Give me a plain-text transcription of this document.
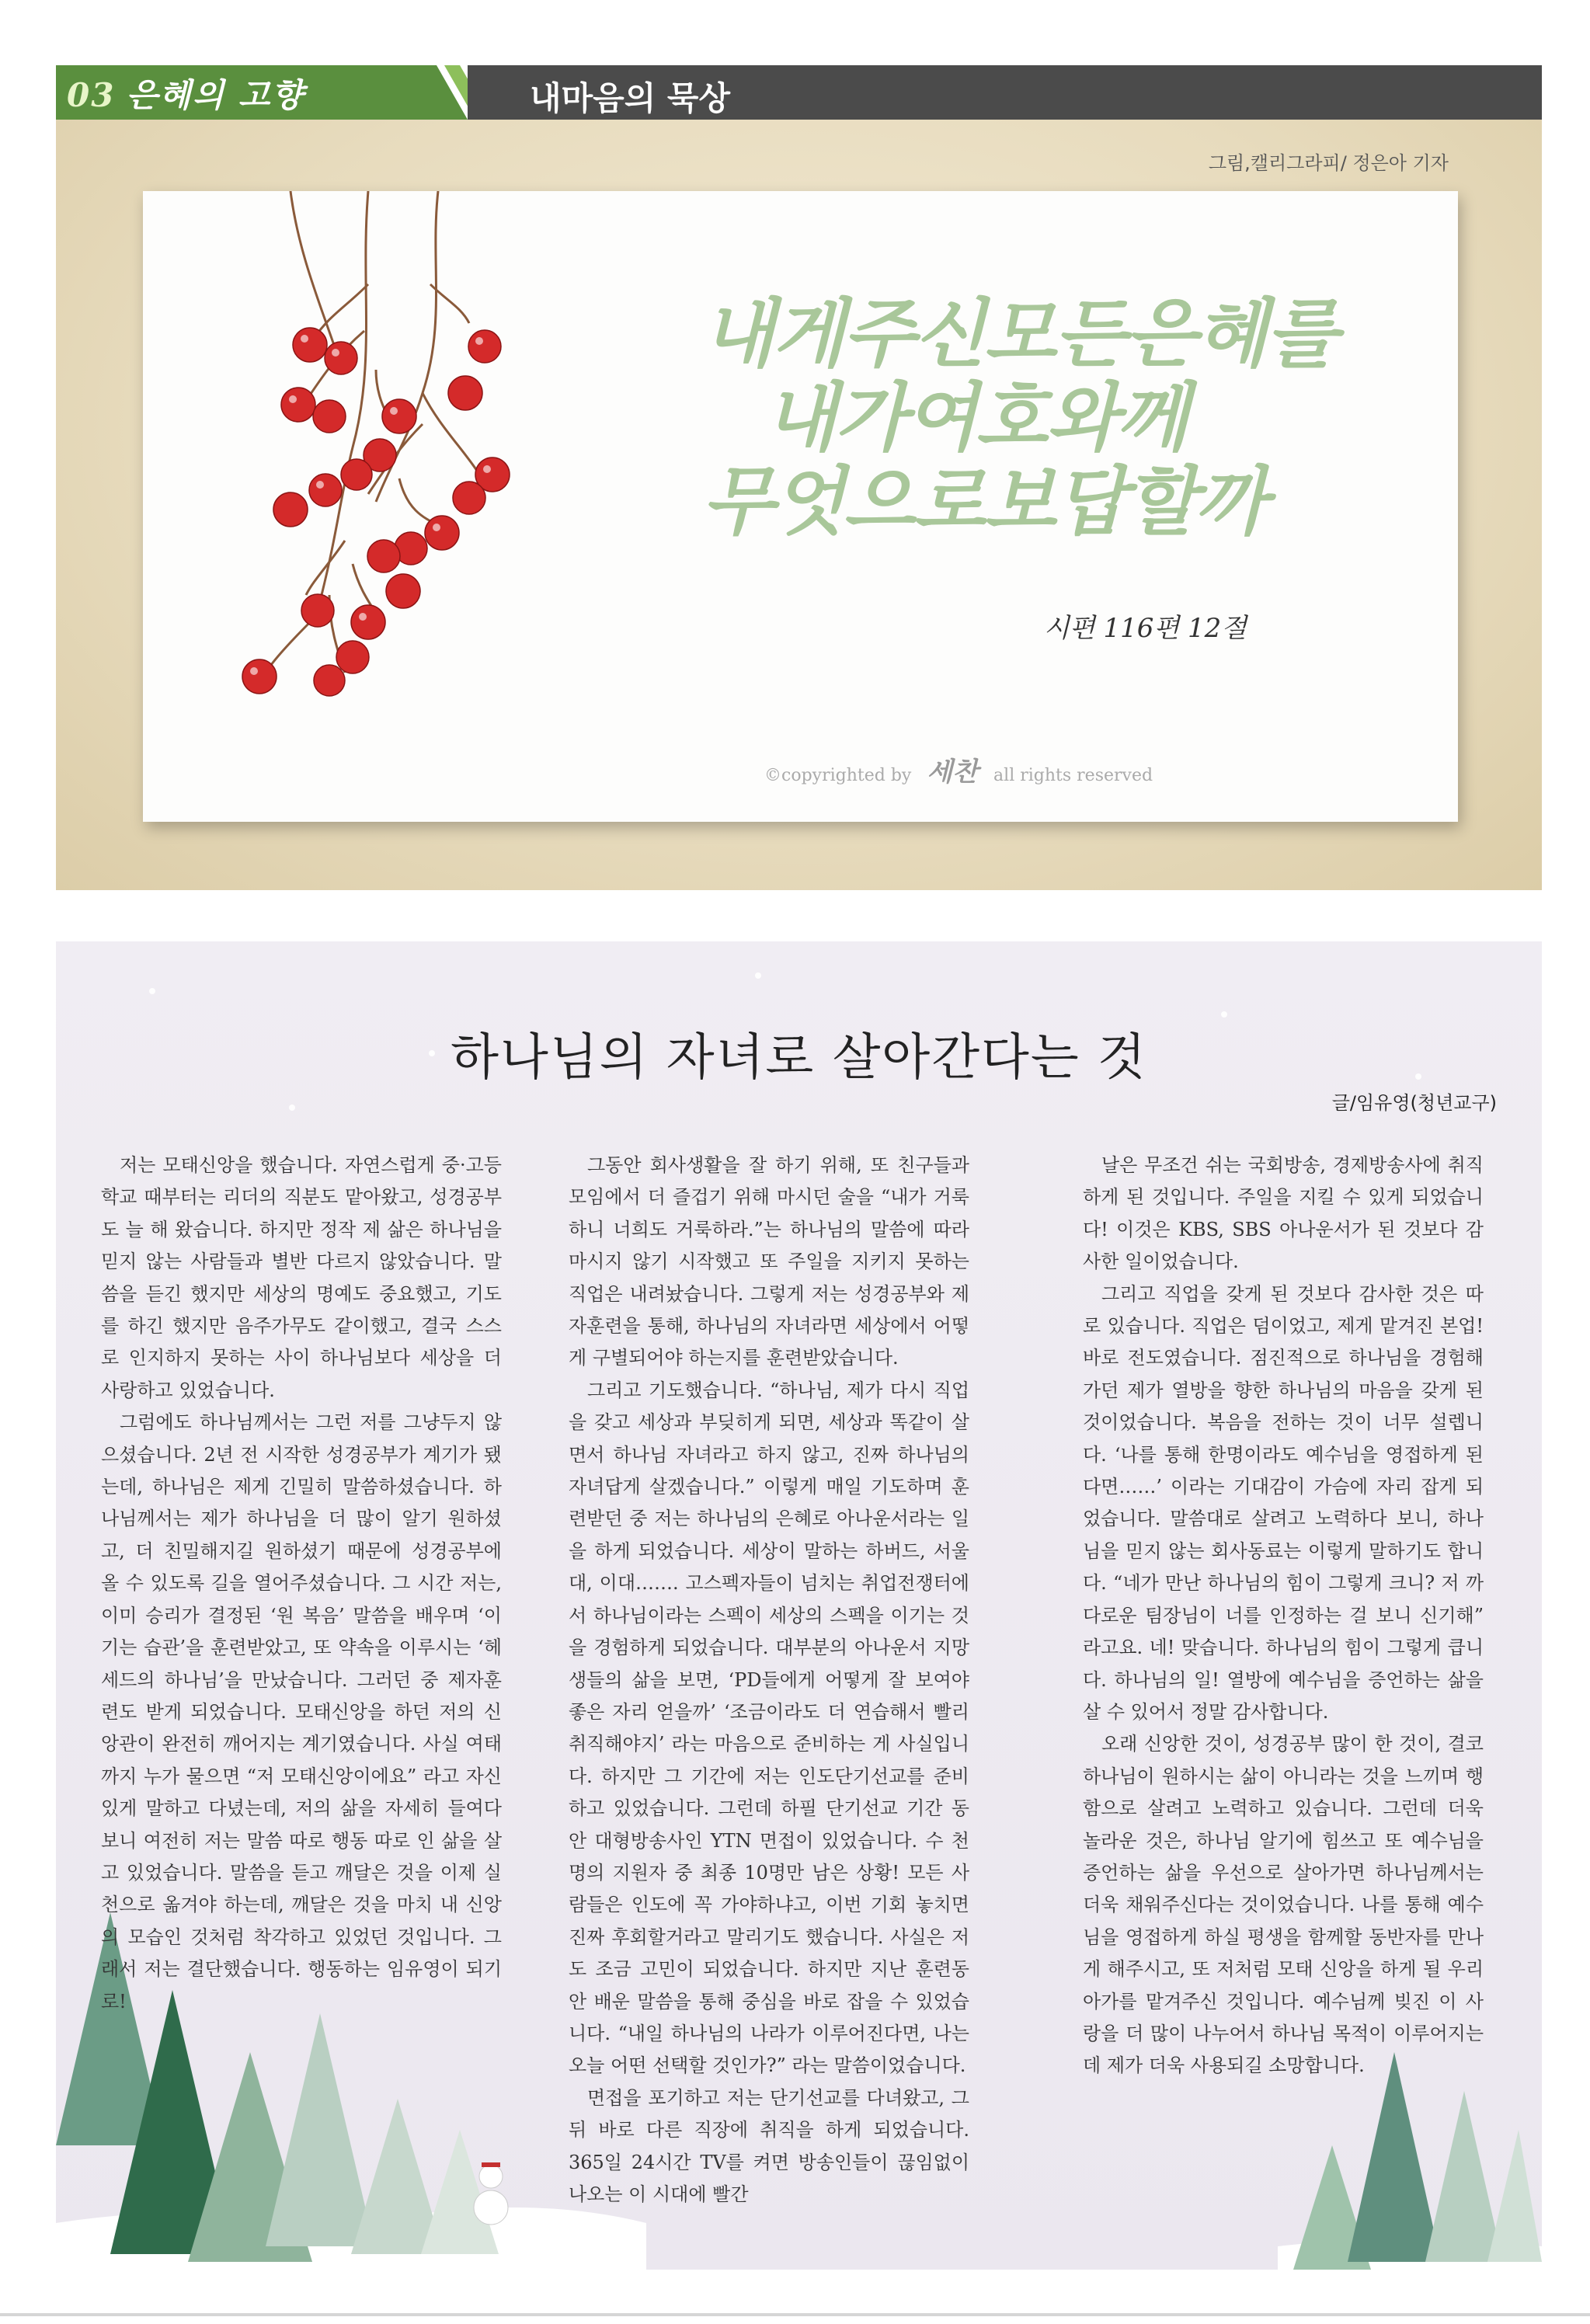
03 은혜의 고향	내마음의 묵상
그림,캘리그라피/ 정은아 기자
내게주신모든은혜를
내가여호와께
무엇으로보답할까
시편 116편 12절
©copyrighted by 세찬 all rights reserved
하나님의 자녀로 살아간다는 것
글/임유영(청년교구)

저는 모태신앙을 했습니다. 자연스럽게 중·고등학교 때부터는 리더의 직분도 맡아왔고, 성경공부도 늘 해 왔습니다. 하지만 정작 제 삶은 하나님을 믿지 않는 사람들과 별반 다르지 않았습니다. 말씀을 듣긴 했지만 세상의 명예도 중요했고, 기도를 하긴 했지만 음주가무도 같이했고, 결국 스스로 인지하지 못하는 사이 하나님보다 세상을 더 사랑하고 있었습니다.

그럼에도 하나님께서는 그런 저를 그냥두지 않으셨습니다. 2년 전 시작한 성경공부가 계기가 됐는데, 하나님은 제게 긴밀히 말씀하셨습니다. 하나님께서는 제가 하나님을 더 많이 알기 원하셨고, 더 친밀해지길 원하셨기 때문에 성경공부에 올 수 있도록 길을 열어주셨습니다. 그 시간 저는, 이미 승리가 결정된 ‘원 복음’ 말씀을 배우며 ‘이기는 습관’을 훈련받았고, 또 약속을 이루시는 ‘헤세드의 하나님’을 만났습니다. 그러던 중 제자훈련도 받게 되었습니다. 모태신앙을 하던 저의 신앙관이 완전히 깨어지는 계기였습니다. 사실 여태까지 누가 물으면 “저 모태신앙이에요” 라고 자신 있게 말하고 다녔는데, 저의 삶을 자세히 들여다보니 여전히 저는 말씀 따로 행동 따로 인 삶을 살고 있었습니다. 말씀을 듣고 깨달은 것을 이제 실천으로 옮겨야 하는데, 깨달은 것을 마치 내 신앙의 모습인 것처럼 착각하고 있었던 것입니다. 그래서 저는 결단했습니다. 행동하는 임유영이 되기로!

그동안 회사생활을 잘 하기 위해, 또 친구들과 모임에서 더 즐겁기 위해 마시던 술을 “내가 거룩하니 너희도 거룩하라.”는 하나님의 말씀에 따라 마시지 않기 시작했고 또 주일을 지키지 못하는 직업은 내려놨습니다. 그렇게 저는 성경공부와 제자훈련을 통해, 하나님의 자녀라면 세상에서 어떻게 구별되어야 하는지를 훈련받았습니다.

그리고 기도했습니다. “하나님, 제가 다시 직업을 갖고 세상과 부딪히게 되면, 세상과 똑같이 살면서 하나님 자녀라고 하지 않고, 진짜 하나님의 자녀답게 살겠습니다.” 이렇게 매일 기도하며 훈련받던 중 저는 하나님의 은혜로 아나운서라는 일을 하게 되었습니다. 세상이 말하는 하버드, 서울대, 이대……. 고스펙자들이 넘치는 취업전쟁터에서 하나님이라는 스펙이 세상의 스펙을 이기는 것을 경험하게 되었습니다. 대부분의 아나운서 지망생들의 삶을 보면, ‘PD들에게 어떻게 잘 보여야 좋은 자리 얻을까’ ‘조금이라도 더 연습해서 빨리 취직해야지’ 라는 마음으로 준비하는 게 사실입니다. 하지만 그 기간에 저는 인도단기선교를 준비하고 있었습니다. 그런데 하필 단기선교 기간 동안 대형방송사인 YTN 면접이 있었습니다. 수 천 명의 지원자 중 최종 10명만 남은 상황! 모든 사람들은 인도에 꼭 가야하냐고, 이번 기회 놓치면 진짜 후회할거라고 말리기도 했습니다. 사실은 저도 조금 고민이 되었습니다. 하지만 지난 훈련동안 배운 말씀을 통해 중심을 바로 잡을 수 있었습니다. “내일 하나님의 나라가 이루어진다면, 나는 오늘 어떤 선택할 것인가?” 라는 말씀이었습니다.

면접을 포기하고 저는 단기선교를 다녀왔고, 그 뒤 바로 다른 직장에 취직을 하게 되었습니다. 365일 24시간 TV를 켜면 방송인들이 끊임없이 나오는 이 시대에 빨간

날은 무조건 쉬는 국회방송, 경제방송사에 취직하게 된 것입니다. 주일을 지킬 수 있게 되었습니다! 이것은 KBS, SBS 아나운서가 된 것보다 감사한 일이었습니다.

그리고 직업을 갖게 된 것보다 감사한 것은 따로 있습니다. 직업은 덤이었고, 제게 맡겨진 본업! 바로 전도였습니다. 점진적으로 하나님을 경험해 가던 제가 열방을 향한 하나님의 마음을 갖게 된 것이었습니다. 복음을 전하는 것이 너무 설렙니다. ‘나를 통해 한명이라도 예수님을 영접하게 된다면……’ 이라는 기대감이 가슴에 자리 잡게 되었습니다. 말씀대로 살려고 노력하다 보니, 하나님을 믿지 않는 회사동료는 이렇게 말하기도 합니다. “네가 만난 하나님의 힘이 그렇게 크니? 저 까다로운 팀장님이 너를 인정하는 걸 보니 신기해” 라고요. 네! 맞습니다. 하나님의 힘이 그렇게 큽니다. 하나님의 일! 열방에 예수님을 증언하는 삶을 살 수 있어서 정말 감사합니다.

오래 신앙한 것이, 성경공부 많이 한 것이, 결코 하나님이 원하시는 삶이 아니라는 것을 느끼며 행함으로 살려고 노력하고 있습니다. 그런데 더욱 놀라운 것은, 하나님 알기에 힘쓰고 또 예수님을 증언하는 삶을 우선으로 살아가면 하나님께서는 더욱 채워주신다는 것이었습니다. 나를 통해 예수님을 영접하게 하실 평생을 함께할 동반자를 만나게 해주시고, 또 저처럼 모태 신앙을 하게 될 우리 아가를 맡겨주신 것입니다. 예수님께 빚진 이 사랑을 더 많이 나누어서 하나님 목적이 이루어지는데 제가 더욱 사용되길 소망합니다.
